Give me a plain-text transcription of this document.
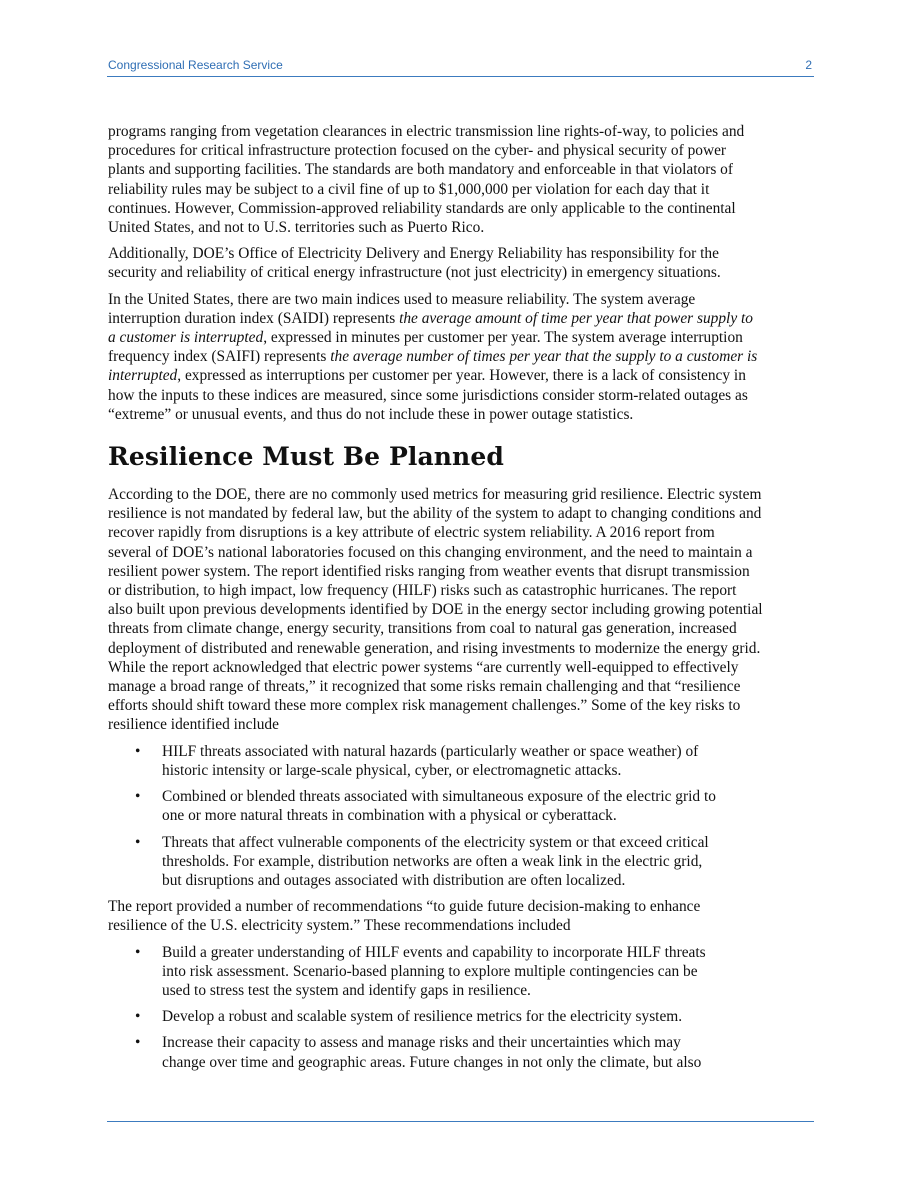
Congressional Research Service	2

programs ranging from vegetation clearances in electric transmission line rights-of-way, to policies and
procedures for critical infrastructure protection focused on the cyber- and physical security of power
plants and supporting facilities. The standards are both mandatory and enforceable in that violators of
reliability rules may be subject to a civil fine of up to $1,000,000 per violation for each day that it
continues. However, Commission-approved reliability standards are only applicable to the continental
United States, and not to U.S. territories such as Puerto Rico.

Additionally, DOE’s Office of Electricity Delivery and Energy Reliability has responsibility for the
security and reliability of critical energy infrastructure (not just electricity) in emergency situations.

In the United States, there are two main indices used to measure reliability. The system average
interruption duration index (SAIDI) represents the average amount of time per year that power supply to
a customer is interrupted, expressed in minutes per customer per year. The system average interruption
frequency index (SAIFI) represents the average number of times per year that the supply to a customer is
interrupted, expressed as interruptions per customer per year. However, there is a lack of consistency in
how the inputs to these indices are measured, since some jurisdictions consider storm-related outages as
“extreme” or unusual events, and thus do not include these in power outage statistics.

Resilience Must Be Planned

According to the DOE, there are no commonly used metrics for measuring grid resilience. Electric system
resilience is not mandated by federal law, but the ability of the system to adapt to changing conditions and
recover rapidly from disruptions is a key attribute of electric system reliability. A 2016 report from
several of DOE’s national laboratories focused on this changing environment, and the need to maintain a
resilient power system. The report identified risks ranging from weather events that disrupt transmission
or distribution, to high impact, low frequency (HILF) risks such as catastrophic hurricanes. The report
also built upon previous developments identified by DOE in the energy sector including growing potential
threats from climate change, energy security, transitions from coal to natural gas generation, increased
deployment of distributed and renewable generation, and rising investments to modernize the energy grid.
While the report acknowledged that electric power systems “are currently well-equipped to effectively
manage a broad range of threats,” it recognized that some risks remain challenging and that “resilience
efforts should shift toward these more complex risk management challenges.” Some of the key risks to
resilience identified include

• HILF threats associated with natural hazards (particularly weather or space weather) of
historic intensity or large-scale physical, cyber, or electromagnetic attacks.
• Combined or blended threats associated with simultaneous exposure of the electric grid to
one or more natural threats in combination with a physical or cyberattack.
• Threats that affect vulnerable components of the electricity system or that exceed critical
thresholds. For example, distribution networks are often a weak link in the electric grid,
but disruptions and outages associated with distribution are often localized.

The report provided a number of recommendations “to guide future decision-making to enhance
resilience of the U.S. electricity system.” These recommendations included

• Build a greater understanding of HILF events and capability to incorporate HILF threats
into risk assessment. Scenario-based planning to explore multiple contingencies can be
used to stress test the system and identify gaps in resilience.
• Develop a robust and scalable system of resilience metrics for the electricity system.
• Increase their capacity to assess and manage risks and their uncertainties which may
change over time and geographic areas. Future changes in not only the climate, but also
